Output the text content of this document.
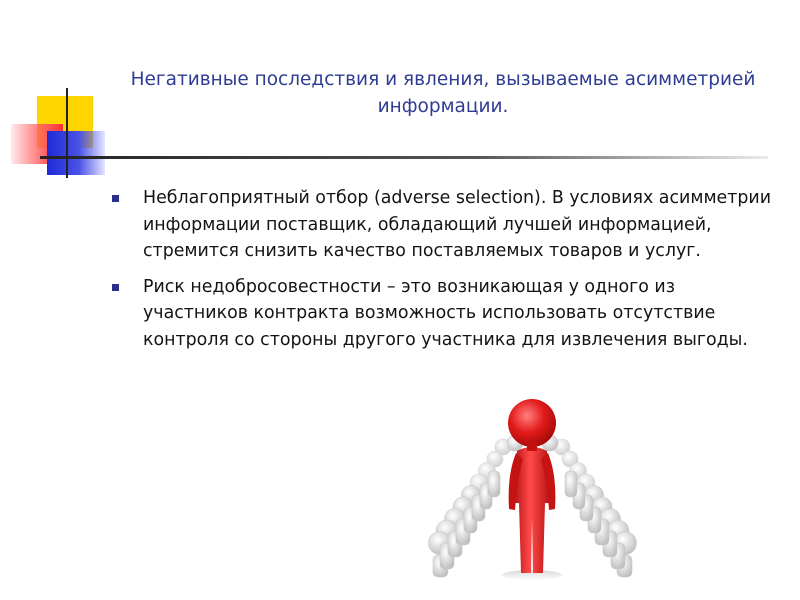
Негативные последствия и явления, вызываемые асимметрией информации.
Неблагоприятный отбор (adverse selection). В условиях асимметрии информации поставщик, обладающий лучшей информацией, стремится снизить качество поставляемых товаров и услуг.
Риск недобросовестности – это возникающая у одного из участников контракта возможность использовать отсутствие контроля со стороны другого участника для извлечения выгоды.
